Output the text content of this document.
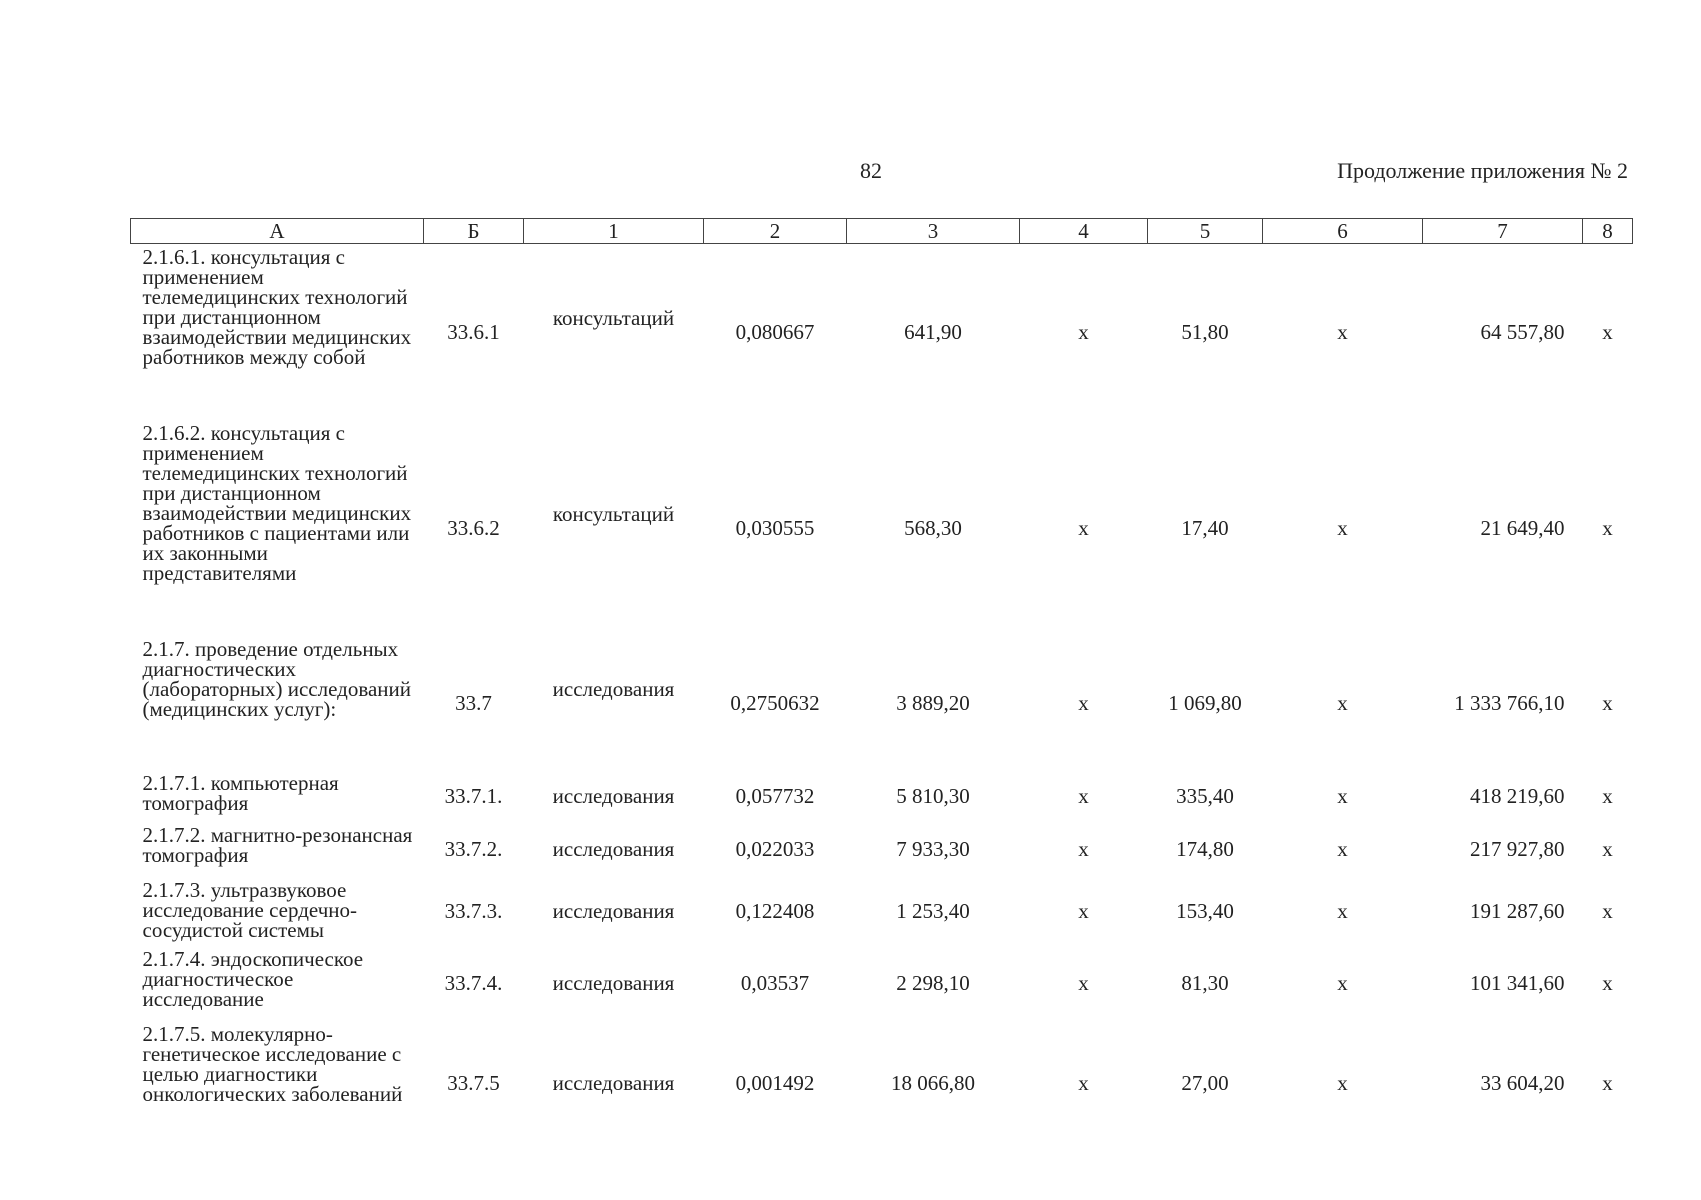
82	Продолжение приложения № 2
А	Б	1	2	3	4	5	6	7	8
2.1.6.1. консультация с применением телемедицинских технологий при дистанционном взаимодействии медицинских работников между собой	33.6.1	консультаций	0,080667	641,90	х	51,80	х	64 557,80	х
2.1.6.2. консультация с применением телемедицинских технологий при дистанционном взаимодействии медицинских работников с пациентами или их законными представителями	33.6.2	консультаций	0,030555	568,30	х	17,40	х	21 649,40	х
2.1.7. проведение отдельных диагностических (лабораторных) исследований (медицинских услуг):	33.7	исследования	0,2750632	3 889,20	х	1 069,80	х	1 333 766,10	х
2.1.7.1. компьютерная томография	33.7.1.	исследования	0,057732	5 810,30	х	335,40	х	418 219,60	х
2.1.7.2. магнитно-резонансная томография	33.7.2.	исследования	0,022033	7 933,30	х	174,80	х	217 927,80	х
2.1.7.3. ультразвуковое исследование сердечно-сосудистой системы	33.7.3.	исследования	0,122408	1 253,40	х	153,40	х	191 287,60	х
2.1.7.4. эндоскопическое диагностическое исследование	33.7.4.	исследования	0,03537	2 298,10	х	81,30	х	101 341,60	х
2.1.7.5. молекулярно-генетическое исследование с целью диагностики онкологических заболеваний	33.7.5	исследования	0,001492	18 066,80	х	27,00	х	33 604,20	х
